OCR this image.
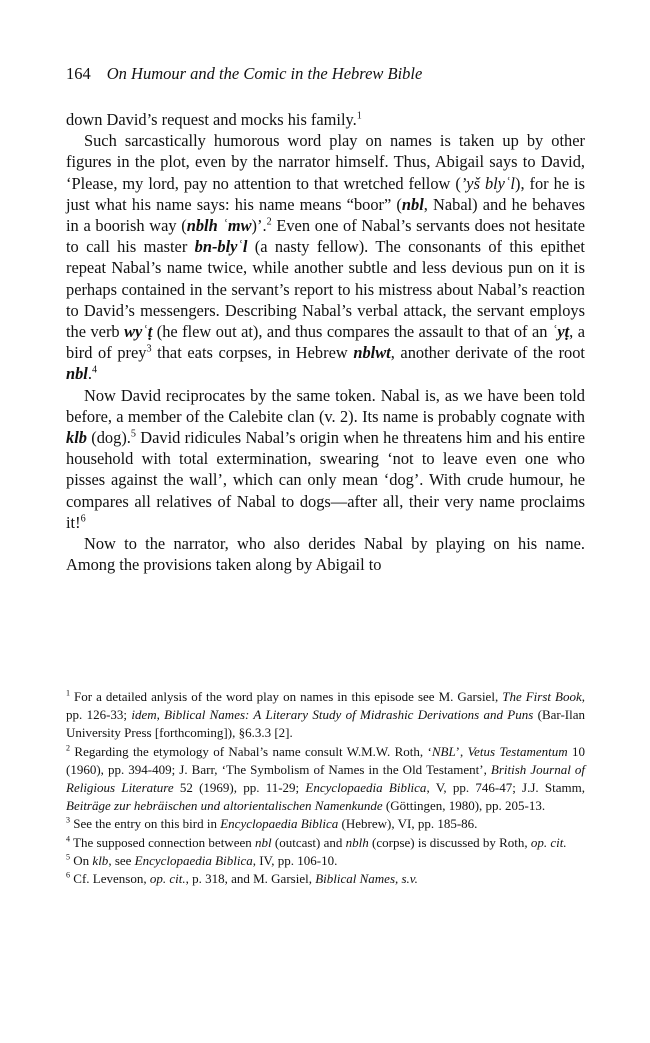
164 On Humour and the Comic in the Hebrew Bible

down David’s request and mocks his family.$^1$

Such sarcastically humorous word play on names is taken up by other figures in the plot, even by the narrator himself. Thus, Abigail says to David, ‘Please, my lord, pay no attention to that wretched fellow (’yš blyʿl), for he is just what his name says: his name means “boor” (nbl, Nabal) and he behaves in a boorish way (nblh ʿmw)’.$^2$ Even one of Nabal’s servants does not hesitate to call his master bn-blyʿl (a nasty fellow). The consonants of this epithet repeat Nabal’s name twice, while another subtle and less devious pun on it is perhaps contained in the servant’s report to his mistress about Nabal’s reaction to David’s messengers. Describing Nabal’s verbal attack, the servant employs the verb wyʿṭ (he flew out at), and thus compares the assault to that of an ʿyṭ, a bird of prey$^3$ that eats corpses, in Hebrew nblwt, another derivate of the root nbl.$^4$

Now David reciprocates by the same token. Nabal is, as we have been told before, a member of the Calebite clan (v. 2). Its name is probably cognate with klb (dog).$^5$ David ridicules Nabal’s origin when he threatens him and his entire household with total extermination, swearing ‘not to leave even one who pisses against the wall’, which can only mean ‘dog’. With crude humour, he compares all relatives of Nabal to dogs—after all, their very name proclaims it!$^6$

Now to the narrator, who also derides Nabal by playing on his name. Among the provisions taken along by Abigail to

$^1$ For a detailed anlysis of the word play on names in this episode see M. Garsiel, The First Book, pp. 126-33; idem, Biblical Names: A Literary Study of Midrashic Derivations and Puns (Bar-Ilan University Press [forthcoming]), §6.3.3 [2].

$^2$ Regarding the etymology of Nabal’s name consult W.M.W. Roth, ‘NBL’, Vetus Testamentum 10 (1960), pp. 394-409; J. Barr, ‘The Symbolism of Names in the Old Testament’, British Journal of Religious Literature 52 (1969), pp. 11-29; Encyclopaedia Biblica, V, pp. 746-47; J.J. Stamm, Beiträge zur hebräischen und altorientalischen Namenkunde (Göttingen, 1980), pp. 205-13.

$^3$ See the entry on this bird in Encyclopaedia Biblica (Hebrew), VI, pp. 185-86.

$^4$ The supposed connection between nbl (outcast) and nblh (corpse) is discussed by Roth, op. cit.

$^5$ On klb, see Encyclopaedia Biblica, IV, pp. 106-10.

$^6$ Cf. Levenson, op. cit., p. 318, and M. Garsiel, Biblical Names, s.v.
